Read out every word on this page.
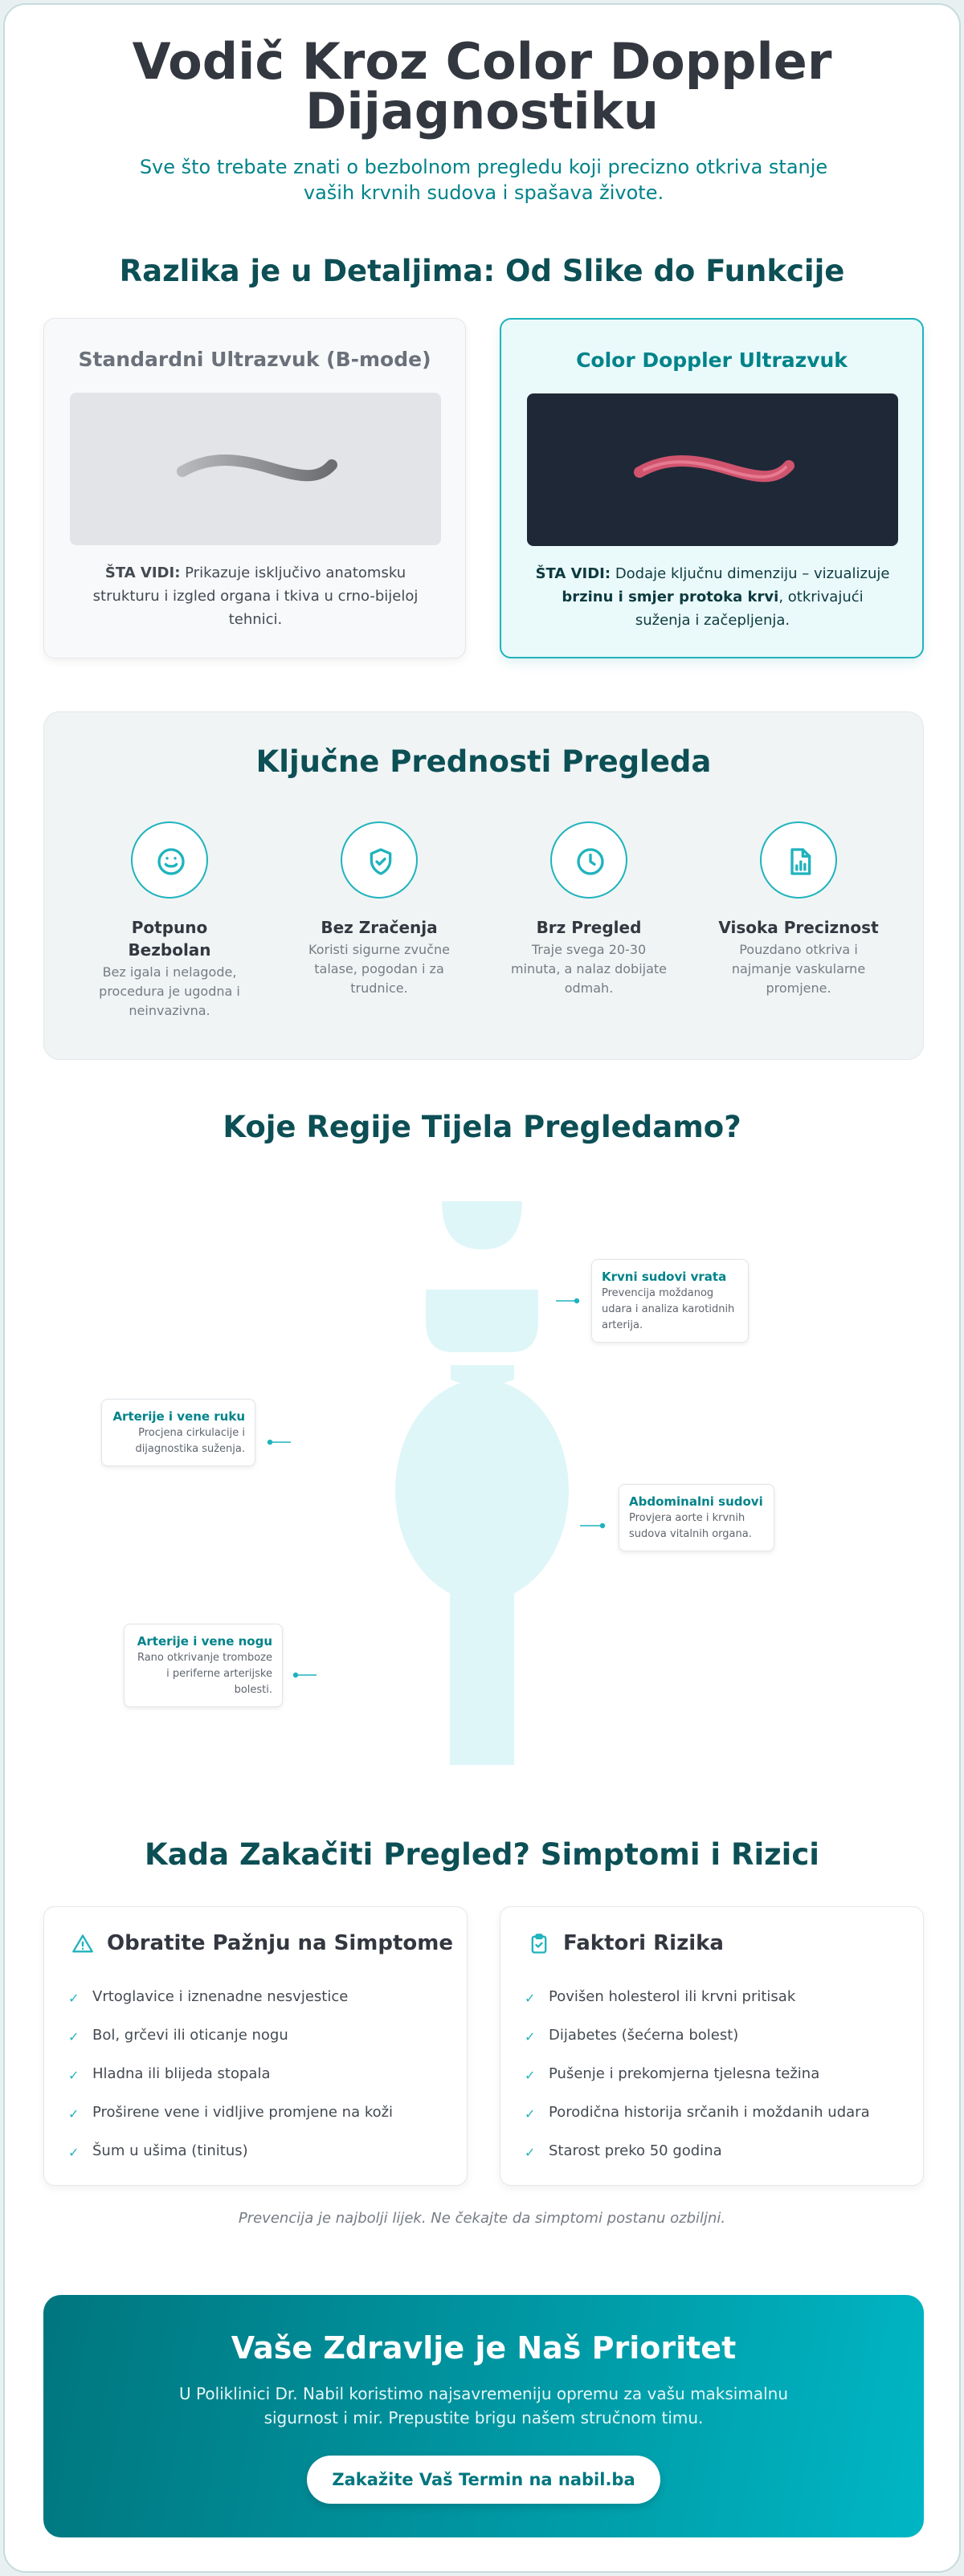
Vodič Kroz Color Doppler
Dijagnostiku
Sve što trebate znati o bezbolnom pregledu koji precizno otkriva stanje vaših krvnih sudova i spašava živote.
Razlika je u Detaljima: Od Slike do Funkcije
Standardni Ultrazvuk (B-mode)

ŠTA VIDI: Prikazuje isključivo anatomsku strukturu i izgled organa i tkiva u crno-bijeloj tehnici.

Color Doppler Ultrazvuk

ŠTA VIDI: Dodaje ključnu dimenziju – vizualizuje brzinu i smjer protoka krvi, otkrivajući suženja i začepljenja.

Ključne Prednosti Pregleda
Potpuno Bezbolan
Bez igala i nelagode, procedura je ugodna i neinvazivna.
Bez Zračenja
Koristi sigurne zvučne talase, pogodan i za trudnice.
Brz Pregled
Traje svega 20-30 minuta, a nalaz dobijate odmah.
Visoka Preciznost
Pouzdano otkriva i najmanje vaskularne promjene.
Koje Regije Tijela Pregledamo?
Krvni sudovi vrata
Prevencija moždanog udara i analiza karotidnih arterija.
Arterije i vene ruku
Procjena cirkulacije i dijagnostika suženja.
Abdominalni sudovi
Provjera aorte i krvnih sudova vitalnih organa.
Arterije i vene nogu
Rano otkrivanje tromboze i periferne arterijske bolesti.
Kada Zakačiti Pregled? Simptomi i Rizici
Obratite Pažnju na Simptome
✓ Vrtoglavice i iznenadne nesvjestice
✓ Bol, grčevi ili oticanje nogu
✓ Hladna ili blijeda stopala
✓ Proširene vene i vidljive promjene na koži
✓ Šum u ušima (tinitus)
Faktori Rizika
✓ Povišen holesterol ili krvni pritisak
✓ Dijabetes (šećerna bolest)
✓ Pušenje i prekomjerna tjelesna težina
✓ Porodična historija srčanih i moždanih udara
✓ Starost preko 50 godina
Prevencija je najbolji lijek. Ne čekajte da simptomi postanu ozbiljni.
Vaše Zdravlje je Naš Prioritet

U Poliklinici Dr. Nabil koristimo najsavremeniju opremu za vašu maksimalnu sigurnost i mir. Prepustite brigu našem stručnom timu.

Zakažite Vaš Termin na nabil.ba
